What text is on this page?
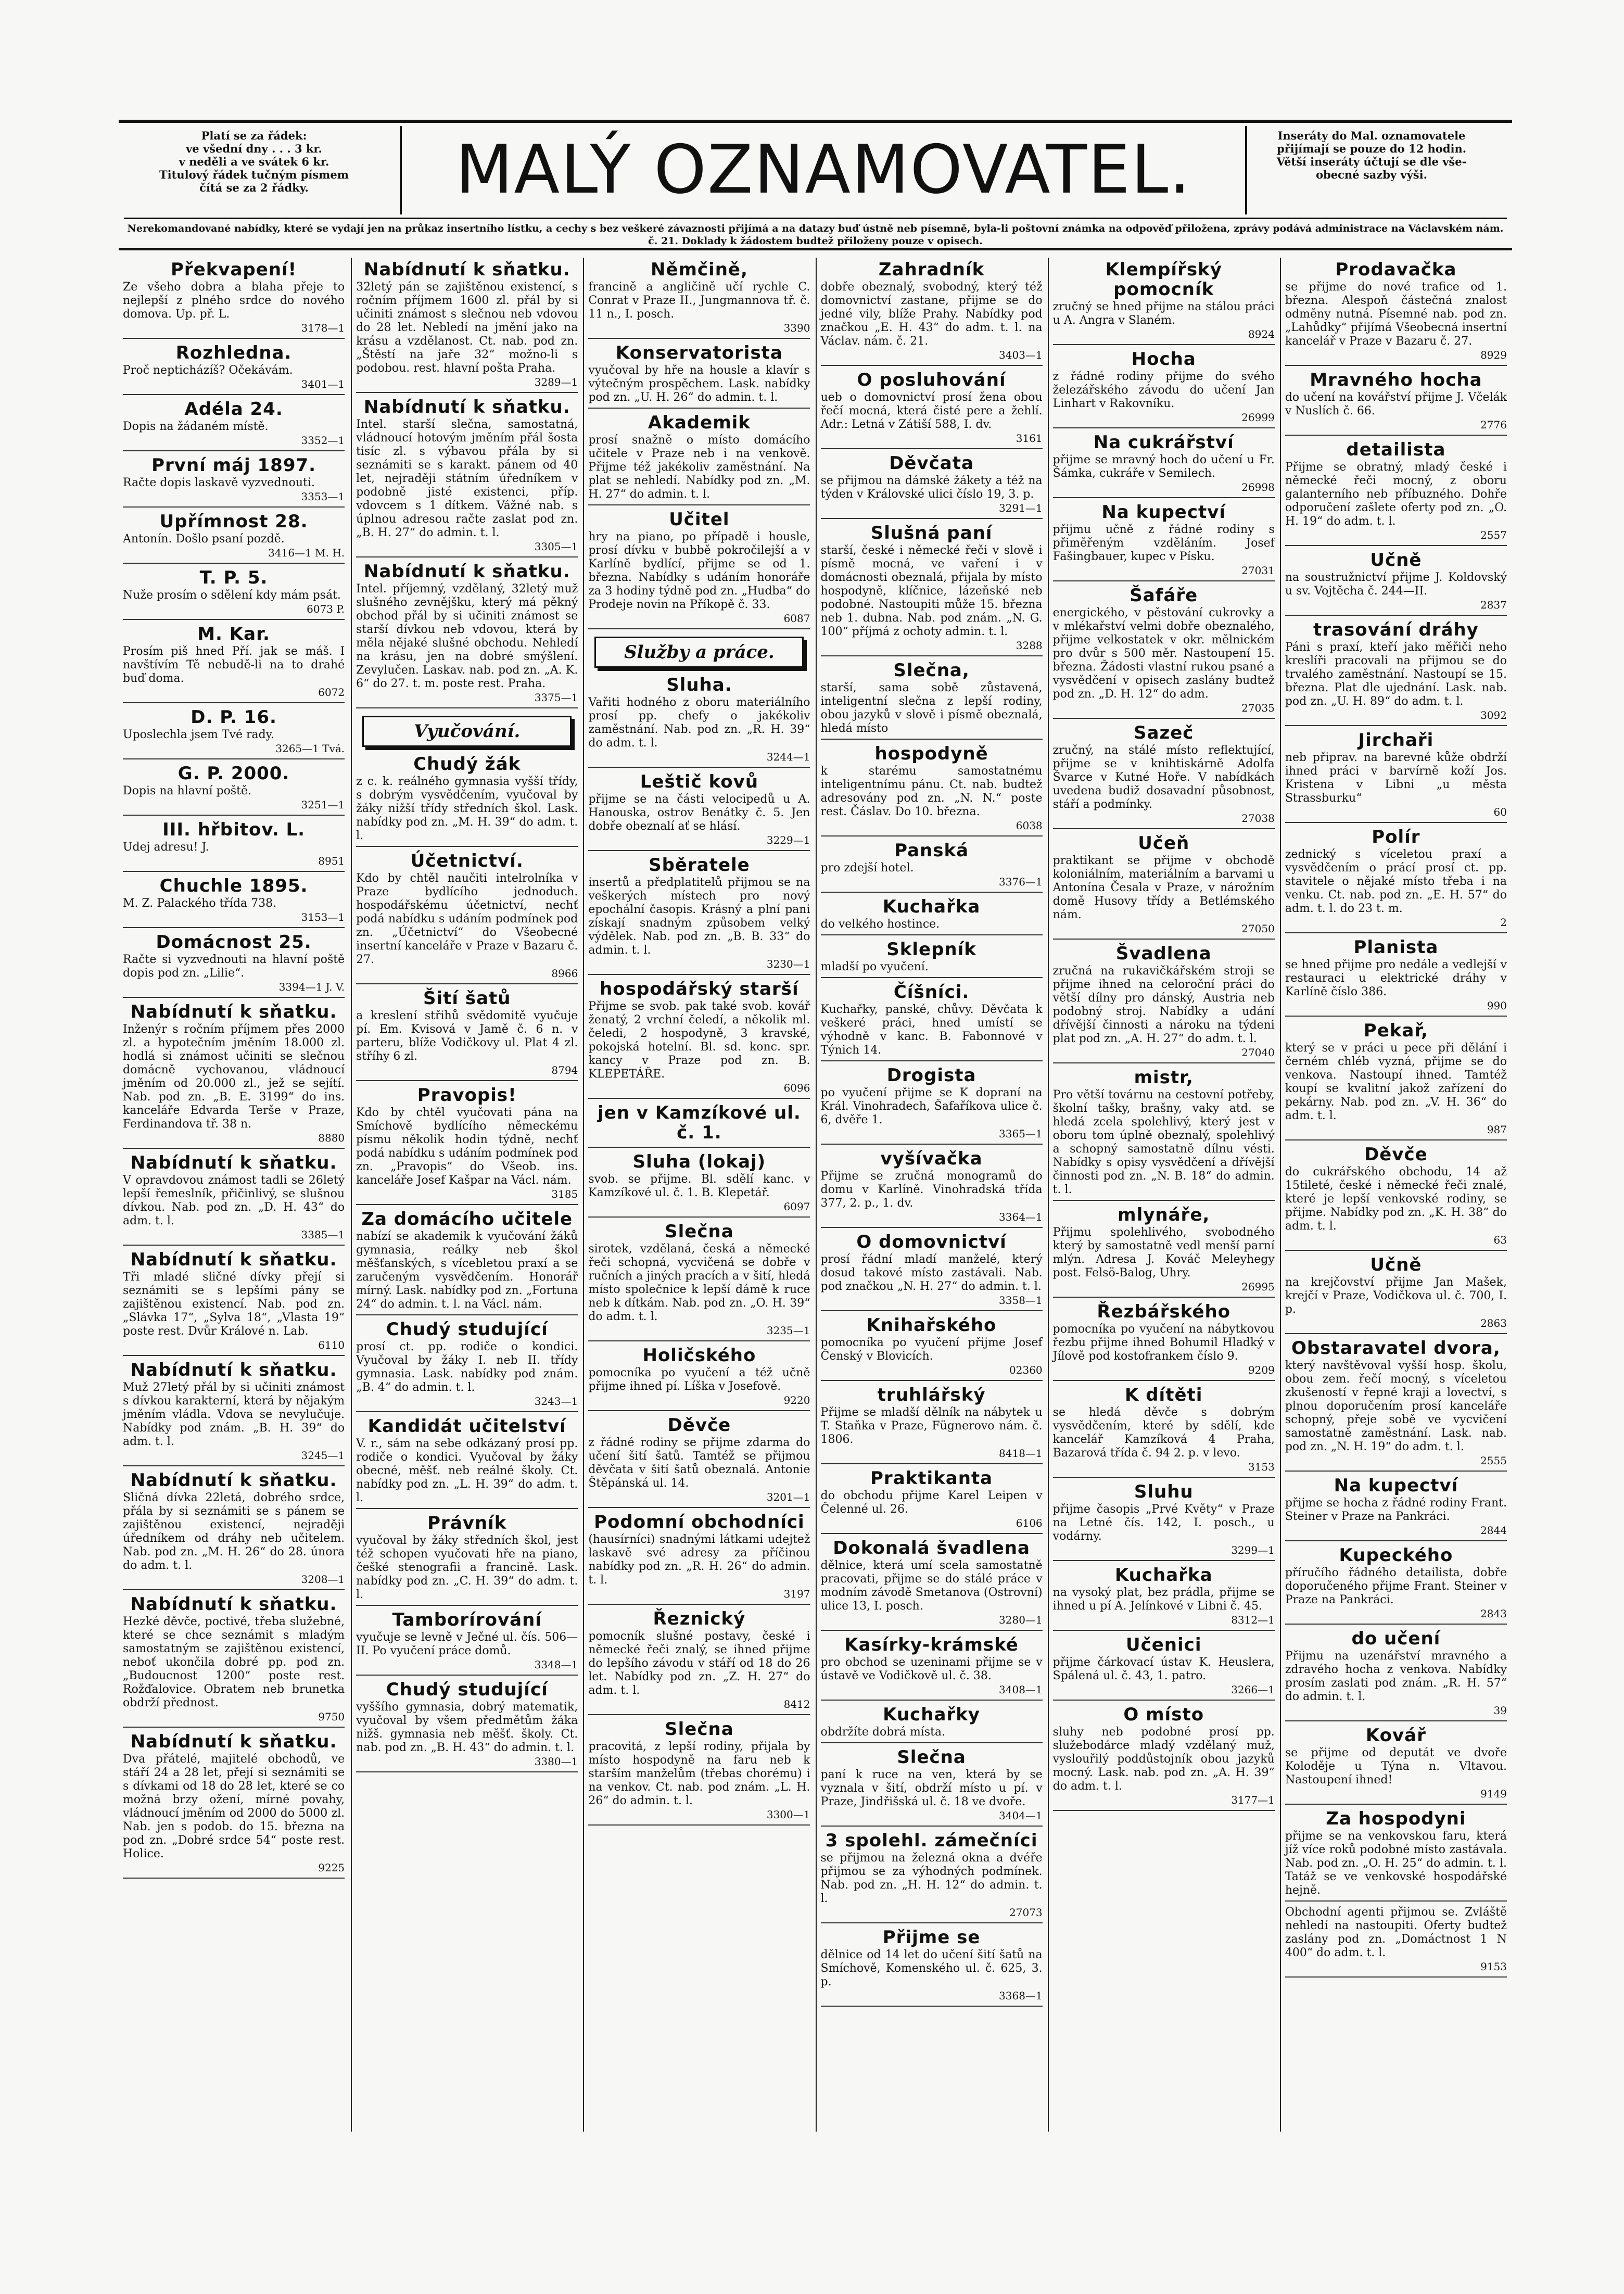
Platí se za řádek:
ve všední dny . . . 3 kr.
v neděli a ve svátek 6 kr.
Titulový řádek tučným písmem
čítá se za 2 řádky.	MALÝ OZNAMOVATEL.	Inseráty do Mal. oznamovatele
přijímají se pouze do 12 hodin.
Větší inseráty účtují se dle vše-
obecné sazby výši.
Nerekomandované nabídky, které se vydají jen na průkaz insertního lístku, a cechy s bez veškeré závaznosti přijímá a na datazy buď ústně neb písemně, byla-li poštovní známka na odpověď přiložena, zprávy podává administrace na Václavském nám. č. 21. Doklady k žádostem budtež přiloženy pouze v opisech.
Překvapení!

Ze všeho dobra a blaha přeje to nejlepší z plného srdce do nového domova. Up. př. L.

3178—1
Rozhledna.

Proč nepticházíš? Očekávám.

3401—1
Adéla 24.

Dopis na žádaném místě.

3352—1
První máj 1897.

Račte dopis laskavě vyzvednouti.

3353—1
Upřímnost 28.

Antonín. Došlo psaní pozdě.

3416—1 M. H.
T. P. 5.

Nuže prosím o sdělení kdy mám psát.

6073 P.
M. Kar.

Prosím piš hned Pří. jak se máš. I navštívím Tě nebudě-li na to drahé buď doma.

6072
D. P. 16.

Uposlechla jsem Tvé rady.

3265—1 Tvá.
G. P. 2000.

Dopis na hlavní poště.

3251—1
III. hřbitov. L.

Udej adresu! J.

8951
Chuchle 1895.

M. Z. Palackého třída 738.

3153—1
Domácnost 25.

Račte si vyzvednouti na hlavní poště dopis pod zn. „Lilie“.

3394—1 J. V.
Nabídnutí k sňatku.

Inženýr s ročním příjmem přes 2000 zl. a hypotečním jměním 18.000 zl. hodlá si známost učiniti se slečnou domácně vychovanou, vládnoucí jměním od 20.000 zl., jež se sejítí. Nab. pod zn. „B. E. 3199“ do ins. kanceláře Edvarda Terše v Praze, Ferdinandova tř. 38 n.

8880
Nabídnutí k sňatku.

V opravdovou známost tadli se 26letý lepší řemeslník, přičinlivý, se slušnou dívkou. Nab. pod zn. „D. H. 43“ do adm. t. l.

3385—1
Nabídnutí k sňatku.

Tři mladé sličné dívky přejí si seznámiti se s lepšími pány se zajištěnou existencí. Nab. pod zn. „Slávka 17“, „Sylva 18“, „Vlasta 19“ poste rest. Dvůr Králové n. Lab.

6110
Nabídnutí k sňatku.

Muž 27letý přál by si učiniti známost s dívkou karakterní, která by nějakým jměním vládla. Vdova se nevylučuje. Nabídky pod znám. „B. H. 39“ do adm. t. l.

3245—1
Nabídnutí k sňatku.

Sličná dívka 22letá, dobrého srdce, přála by si seznámiti se s pánem se zajištěnou existencí, nejraději úředníkem od dráhy neb učitelem. Nab. pod zn. „M. H. 26“ do 28. února do adm. t. l.

3208—1
Nabídnutí k sňatku.

Hezké děvče, poctivé, třeba služebné, které se chce seznámit s mladým samostatným se zajištěnou existencí, neboť ukončila dobré pp. pod zn. „Budoucnost 1200“ poste rest. Rožďalovice. Obratem neb brunetka obdrží přednost.

9750
Nabídnutí k sňatku.

Dva přátelé, majitelé obchodů, ve stáří 24 a 28 let, přejí si seznámiti se s dívkami od 18 do 28 let, které se co možná brzy ožení, mírné povahy, vládnoucí jměním od 2000 do 5000 zl. Nab. jen s podob. do 15. března na pod zn. „Dobré srdce 54“ poste rest. Holice.

9225
Nabídnutí k sňatku.

32letý pán se zajištěnou existencí, s ročním příjmem 1600 zl. přál by si učiniti známost s slečnou neb vdovou do 28 let. Nebledí na jmění jako na krásu a vzdělanost. Ct. nab. pod zn. „Štěstí na jaře 32“ možno-li s podobou. rest. hlavní pošta Praha.

3289—1
Nabídnutí k sňatku.

Intel. starší slečna, samostatná, vládnoucí hotovým jměním přál šosta tisíc zl. s výbavou přála by si seznámiti se s karakt. pánem od 40 let, nejraději státním úředníkem v podobně jisté existenci, příp. vdovcem s 1 dítkem. Vážné nab. s úplnou adresou račte zaslat pod zn. „B. H. 27“ do admin. t. l.

3305—1
Nabídnutí k sňatku.

Intel. příjemný, vzdělaný, 32letý muž slušného zevnějšku, který má pěkný obchod přál by si učiniti známost se starší dívkou neb vdovou, která by měla nějaké slušné obchodu. Nehledí na krásu, jen na dobré smýšlení. Zevylučen. Laskav. nab. pod zn. „A. K. 6“ do 27. t. m. poste rest. Praha.

3375—1
Vyučování.
Chudý žák

z c. k. reálného gymnasia vyšší třídy, s dobrým vysvědčením, vyučoval by žáky nižší třídy středních škol. Lask. nabídky pod zn. „M. H. 39“ do adm. t. l.

Účetnictví.

Kdo by chtěl naučiti intelrolníka v Praze bydlícího jednoduch. hospodářskému účetnictví, nechť podá nabídku s udáním podmínek pod zn. „Účetnictví“ do Všeobecné insertní kanceláře v Praze v Bazaru č. 27.

8966
Šití šatů

a kreslení střihů svědomitě vyučuje pí. Em. Kvisová v Jamě č. 6 n. v parteru, blíže Vodičkovy ul. Plat 4 zl. stříhy 6 zl.

8794
Pravopis!

Kdo by chtěl vyučovati pána na Smíchově bydlícího německému písmu několik hodin týdně, nechť podá nabídku s udáním podmínek pod zn. „Pravopis“ do Všeob. ins. kanceláře Josef Kašpar na Václ. nám.

3185
Za domácího učitele

nabízí se akademik k vyučování žáků gymnasia, reálky neb škol měšťanských, s vícebletou praxí a se zaručeným vysvědčením. Honorář mírný. Lask. nabídky pod zn. „Fortuna 24“ do admin. t. l. na Václ. nám.

Chudý studující

prosí ct. pp. rodiče o kondici. Vyučoval by žáky I. neb II. třídy gymnasia. Lask. nabídky pod znám. „B. 4“ do admin. t. l.

3243—1
Kandidát učitelství

V. r., sám na sebe odkázaný prosí pp. rodiče o kondici. Vyučoval by žáky obecné, měšť. neb reálné školy. Ct. nabídky pod zn. „L. H. 39“ do adm. t. l.

Právník

vyučoval by žáky středních škol, jest též schopen vyučovati hře na piano, češké stenografii a francině. Lask. nabídky pod zn. „C. H. 39“ do adm. t. l.

Tamborírování

vyučuje se levně v Ječné ul. čís. 506—II. Po vyučení práce domů.

3348—1
Chudý studující

vyššího gymnasia, dobrý matematik, vyučoval by všem předmětům žáka nižš. gymnasia neb měšť. školy. Ct. nab. pod zn. „B. H. 43“ do admin. t. l.

3380—1
Němčině,

francině a angličině učí rychle C. Conrat v Praze II., Jungmannova tř. č. 11 n., I. posch.

3390
Konservatorista

vyučoval by hře na housle a klavír s výtečným prospěchem. Lask. nabídky pod zn. „U. H. 26“ do admin. t. l.

Akademik

prosí snažně o místo domácího učitele v Praze neb i na venkově. Přijme též jakékoliv zaměstnání. Na plat se nehledí. Nabídky pod zn. „M. H. 27“ do admin. t. l.

Učitel

hry na piano, po případě i housle, prosí dívku v bubbě pokročilejší a v Karlíně bydlící, přijme se od 1. března. Nabídky s udáním honoráře za 3 hodiny týdně pod zn. „Hudba“ do Prodeje novin na Příkopě č. 33.

6087
Služby a práce.
Sluha.

Vařiti hodného z oboru materiálního prosí pp. chefy o jakékoliv zaměstnání. Nab. pod zn. „R. H. 39“ do adm. t. l.

3244—1
Leštič kovů

přijme se na části velocipedů u A. Hanouska, ostrov Benátky č. 5. Jen dobře obeznalí ať se hlásí.

3229—1
Sběratele

insertů a předplatitelů přijmou se na veškerých místech pro nový epochální časopis. Krásný a plní pani získají snadným způsobem velký výdělek. Nab. pod zn. „B. B. 33“ do admin. t. l.

3230—1
hospodářský starší

Přijme se svob. pak také svob. kovář ženatý, 2 vrchní čeledí, a několik ml. čeledi, 2 hospodyně, 3 kravské, pokojská hotelní. Bl. sd. konc. spr. kancy v Praze pod zn. B. KLEPETÁŘE.

6096
jen v Kamzíkové ul. č. 1.
Sluha (lokaj)

svob. se přijme. Bl. sdělí kanc. v Kamzíkové ul. č. 1. B. Klepetář.

6097
Slečna

sirotek, vzdělaná, česká a německé řeči schopná, vycvičená se dobře v ručních a jiných pracích a v šití, hledá místo společnice k lepší dámě k ruce neb k dítkám. Nab. pod zn. „O. H. 39“ do adm. t. l.

3235—1
Holičského

pomocníka po vyučení a též učně přijme ihned pí. Líška v Josefově.

9220
Děvče

z řádné rodiny se přijme zdarma do učení šití šatů. Tamtéž se přijmou děvčata v šití šatů obeznalá. Antonie Štěpánská ul. 14.

3201—1
Podomní obchodníci

(hausírníci) snadnými látkami udejtež laskavě své adresy za příčinou nabídky pod zn. „R. H. 26“ do admin. t. l.

3197
Řeznický

pomocník slušné postavy, české i německé řeči znalý, se ihned přijme do lepšího závodu v stáří od 18 do 26 let. Nabídky pod zn. „Z. H. 27“ do adm. t. l.

8412
Slečna

pracovitá, z lepší rodiny, přijala by místo hospodyně na faru neb k starším manželům (třebas chorému) i na venkov. Ct. nab. pod znám. „L. H. 26“ do admin. t. l.

3300—1
Zahradník

dobře obeznalý, svobodný, který též domovnictví zastane, přijme se do jedné vily, blíže Prahy. Nabídky pod značkou „E. H. 43“ do adm. t. l. na Václav. nám. č. 21.

3403—1
O posluhování

ueb o domovnictví prosí žena obou řečí mocná, která čisté pere a žehlí. Adr.: Letná v Zátiší 588, I. dv.

3161
Děvčata

se přijmou na dámské žákety a též na týden v Královské ulici číslo 19, 3. p.

3291—1
Slušná paní

starší, české i německé řeči v slově i písmě mocná, ve vaření i v domácnosti obeznalá, přijala by místo hospodyně, klíčnice, lázeňské neb podobné. Nastoupiti může 15. března neb 1. dubna. Nab. pod znám. „N. G. 100“ příjmá z ochoty admin. t. l.

3288
Slečna,

starší, sama sobě zůstavená, inteligentní slečna z lepší rodiny, obou jazyků v slově i písmě obeznalá, hledá místo

hospodyně

k starému samostatnému inteligentnímu pánu. Ct. nab. budtež adresovány pod zn. „N. N.“ poste rest. Čáslav. Do 10. března.

6038
Panská

pro zdejší hotel.

3376—1
Kuchařka

do velkého hostince.

Sklepník

mladší po vyučení.

Číšníci.

Kuchařky, panské, chůvy. Děvčata k veškeré práci, hned umístí se výhodně v kanc. B. Fabonnové v Týnich 14.

Drogista

po vyučení přijme se K dopraní na Král. Vinohradech, Šafaříkova ulice č. 6, dvěře 1.

3365—1
vyšívačka

Přijme se zručná monogramů do domu v Karlíně. Vinohradská třída 377, 2. p., 1. dv.

3364—1
O domovnictví

prosí řádní mladí manželé, který dosud takové místo zastávali. Nab. pod značkou „N. H. 27“ do admin. t. l.

3358—1
Knihařského

pomocníka po vyučení přijme Josef Čenský v Blovicích.

02360
truhlářský

Přijme se mladší dělník na nábytek u T. Staňka v Praze, Fügnerovo nám. č. 1806.

8418—1
Praktikanta

do obchodu přijme Karel Leipen v Čelenné ul. 26.

6106
Dokonalá švadlena

dělnice, která umí scela samostatně pracovati, přijme se do stálé práce v modním závodě Smetanova (Ostrovní) ulice 13, I. posch.

3280—1
Kasírky-krámské

pro obchod se uzeninami přijme se v ústavě ve Vodičkově ul. č. 38.

3408—1
Kuchařky

obdržíte dobrá místa.

Slečna

paní k ruce na ven, která by se vyznala v šití, obdrží místo u pí. v Praze, Jindřišská ul. č. 18 ve dvoře.

3404—1
3 spolehl. zámečníci

se přijmou na železná okna a dvéře přijmou se za výhodných podmínek. Nab. pod zn. „H. H. 12“ do admin. t. l.

27073
Přijme se

dělnice od 14 let do učení šití šatů na Smíchově, Komenského ul. č. 625, 3. p.

3368—1
Klempířský pomocník

zručný se hned přijme na stálou práci u A. Angra v Slaném.

8924
Hocha

z řádné rodiny přijme do svého železářského závodu do učení Jan Linhart v Rakovníku.

26999
Na cukrářství

přijme se mravný hoch do učení u Fr. Šámka, cukráře v Semilech.

26998
Na kupectví

přijmu učně z řádné rodiny s přiměřeným vzděláním. Josef Fašingbauer, kupec v Písku.

27031
Šafáře

energického, v pěstování cukrovky a v mlékařství velmi dobře obeznalého, přijme velkostatek v okr. mělnickém pro dvůr s 500 měr. Nastoupení 15. března. Žádosti vlastní rukou psané a vysvědčení v opisech zaslány budtež pod zn. „D. H. 12“ do adm.

27035
Sazeč

zručný, na stálé místo reflektující, přijme se v knihtiskárně Adolfa Švarce v Kutné Hoře. V nabídkách uvedena budiž dosavadní působnost, stáří a podmínky.

27038
Učeň

praktikant se přijme v obchodě koloniálním, materiálním a barvami u Antonína Česala v Praze, v nárožním domě Husovy třídy a Betlémského nám.

27050
Švadlena

zručná na rukavičkářském stroji se přijme ihned na celoroční práci do větší dílny pro dánský, Austria neb podobný stroj. Nabídky a udání dřívější činnosti a nároku na týdeni plat pod zn. „A. H. 27“ do adm. t. l.

27040
mistr,

Pro větší továrnu na cestovní potřeby, školní tašky, brašny, vaky atd. se hledá zcela spolehlivý, který jest v oboru tom úplně obeznalý, spolehlivý a schopný samostatně dílnu vésti. Nabídky s opisy vysvědčení a dřívější činnosti pod zn. „N. B. 18“ do admin. t. l.

mlynáře,

Přijmu spolehlivého, svobodného který by samostatně vedl menší parní mlýn. Adresa J. Kováč Meleyhegy post. Felsö-Balog, Uhry.

26995
Řezbářského

pomocníka po vyučení na nábytkovou řezbu přijme ihned Bohumil Hladký v Jílově pod kostofrankem číslo 9.

9209
K dítěti

se hledá děvče s dobrým vysvědčením, které by sdělí, kde kancelář Kamzíková 4 Praha, Bazarová třída č. 94 2. p. v levo.

3153
Sluhu

přijme časopis „Prvé Květy“ v Praze na Letné čís. 142, I. posch., u vodárny.

3299—1
Kuchařka

na vysoký plat, bez prádla, přijme se ihned u pí A. Jelínkové v Libni č. 45.

8312—1
Učenici

přijme čárkovací ústav K. Heuslera, Spálená ul. č. 43, 1. patro.

3266—1
O místo

sluhy neb podobné prosí pp. služebodárce mladý vzdělaný muž, vyslouřilý poddůstojník obou jazyků mocný. Lask. nab. pod zn. „A. H. 39“ do adm. t. l.

3177—1
Prodavačka

se přijme do nové trafice od 1. března. Alespoň částečná znalost odměny nutná. Písemné nab. pod zn. „Lahůdky“ přijímá Všeobecná insertní kancelář v Praze v Bazaru č. 27.

8929
Mravného hocha

do učení na kovářství přijme J. Včelák v Nuslích č. 66.

2776
detailista

Přijme se obratný, mladý české i německé řeči mocný, z oboru galanterního neb příbuzného. Dohře odporučení zašlete oferty pod zn. „O. H. 19“ do adm. t. l.

2557
Učně

na soustružnictví přijme J. Koldovský u sv. Vojtěcha č. 244—II.

2837
trasování dráhy

Páni s praxí, kteří jako měřiči neho kreslíři pracovali na přijmou se do trvalého zaměstnání. Nastoupí se 15. března. Plat dle ujednání. Lask. nab. pod zn. „U. H. 89“ do adm. t. l.

3092
Jirchaři

neb připrav. na barevné kůže obdrží ihned práci v barvírně koží Jos. Kristena v Libni „u města Strassburku“

60
Polír

zednický s víceletou praxí a vysvědčením o prácí prosí ct. pp. stavitele o nějaké místo třeba i na venku. Ct. nab. pod zn. „E. H. 57“ do adm. t. l. do 23 t. m.

2
Planista

se hned přijme pro nedále a vedlejší v restauraci u elektrické dráhy v Karlíně číslo 386.

990
Pekař,

který se v práci u pece při dělání i černém chléb vyzná, přijme se do venkova. Nastoupí ihned. Tamtéž koupí se kvalitní jakož zařízení do pekárny. Nab. pod zn. „V. H. 36“ do adm. t. l.

987
Děvče

do cukrářského obchodu, 14 až 15tileté, české i německé řeči znalé, které je lepší venkovské rodiny, se přijme. Nabídky pod zn. „K. H. 38“ do adm. t. l.

63
Učně

na krejčovství přijme Jan Mašek, krejčí v Praze, Vodičkova ul. č. 700, I. p.

2863
Obstaravatel dvora,

který navštěvoval vyšší hosp. školu, obou zem. řečí mocný, s víceletou zkušeností v řepné kraji a lovectví, s plnou doporučením prosí kanceláře schopný, přeje sobě ve vycvičení samostatně zaměstnání. Lask. nab. pod zn. „N. H. 19“ do adm. t. l.

2555
Na kupectví

přijme se hocha z řádné rodiny Frant. Steiner v Praze na Pankráci.

2844
Kupeckého

příručího řádného detailista, dobře doporučeného přijme Frant. Steiner v Praze na Pankráci.

2843
do učení

Přijmu na uzenářství mravného a zdravého hocha z venkova. Nabídky prosím zaslati pod znám. „R. H. 57“ do admin. t. l.

39
Kovář

se přijme od deputát ve dvoře Koloděje u Týna n. Vltavou. Nastoupení ihned!

9149
Za hospodyni

přijme se na venkovskou faru, která jíž více roků podobné místo zastávala. Nab. pod zn. „O. H. 25“ do admin. t. l. Tatáž se ve venkovské hospodářské hejně.

Obchodní agenti přijmou se. Zvláště nehledí na nastoupiti. Oferty budtež zaslány pod zn. „Domáctnost 1 N 400“ do adm. t. l.

9153
